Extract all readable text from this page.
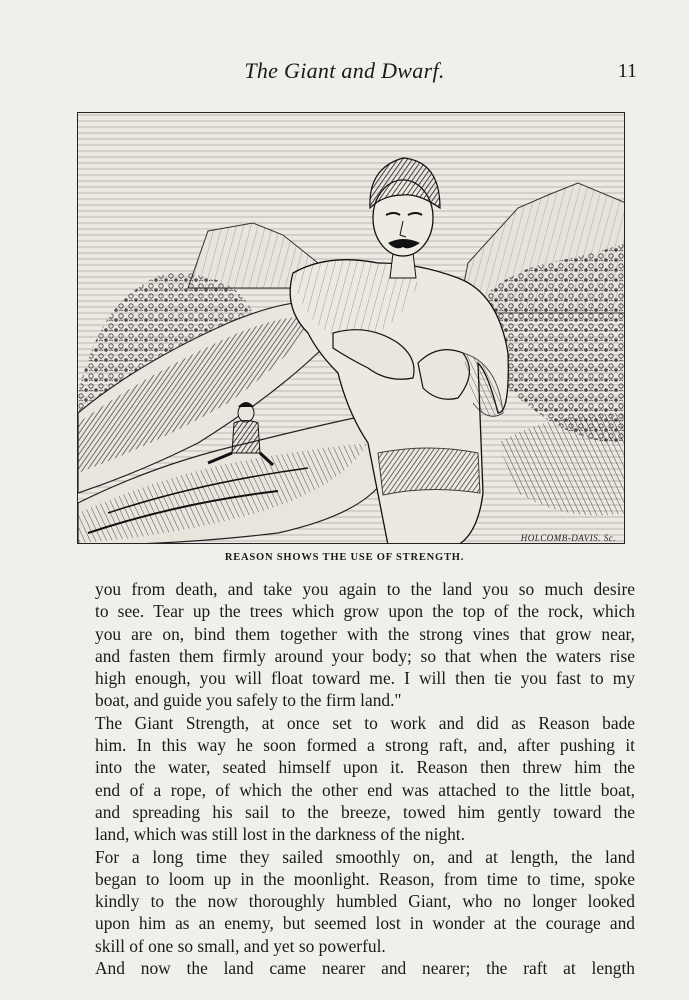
The Giant and Dwarf.	11
HOLCOMB-DAVIS. Sc.
REASON SHOWS THE USE OF STRENGTH.

you from death, and take you again to the land you so much desire
to see. Tear up the trees which grow upon the top of the rock, which
you are on, bind them together with the strong vines that grow near,
and fasten them firmly around your body; so that when the waters rise
high enough, you will float toward me. I will then tie you fast to my
boat, and guide you safely to the firm land."

The Giant Strength, at once set to work and did as Reason bade
him. In this way he soon formed a strong raft, and, after pushing it
into the water, seated himself upon it. Reason then threw him the
end of a rope, of which the other end was attached to the little boat,
and spreading his sail to the breeze, towed him gently toward the
land, which was still lost in the darkness of the night.

For a long time they sailed smoothly on, and at length, the land
began to loom up in the moonlight. Reason, from time to time, spoke
kindly to the now thoroughly humbled Giant, who no longer looked
upon him as an enemy, but seemed lost in wonder at the courage and
skill of one so small, and yet so powerful.

And now the land came nearer and nearer; the raft at length
